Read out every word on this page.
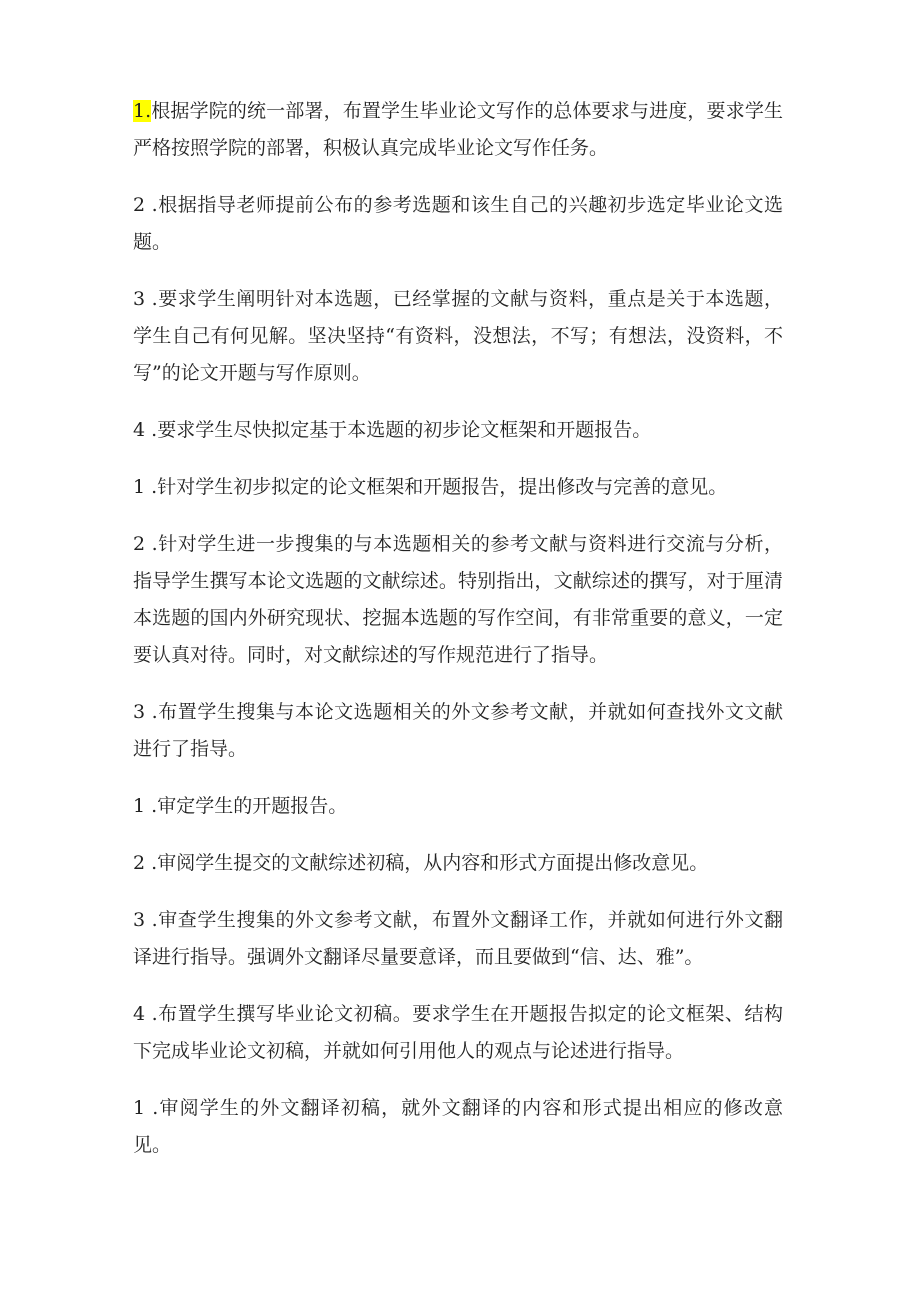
1.根据学院的统一部署，布置学生毕业论文写作的总体要求与进度，要求学生严格按照学院的部署，积极认真完成毕业论文写作任务。

2 .根据指导老师提前公布的参考选题和该生自己的兴趣初步选定毕业论文选题。

3 .要求学生阐明针对本选题，已经掌握的文献与资料，重点是关于本选题，学生自己有何见解。坚决坚持“有资料，没想法，不写；有想法，没资料，不写”的论文开题与写作原则。

4 .要求学生尽快拟定基于本选题的初步论文框架和开题报告。

1 .针对学生初步拟定的论文框架和开题报告，提出修改与完善的意见。

2 .针对学生进一步搜集的与本选题相关的参考文献与资料进行交流与分析，指导学生撰写本论文选题的文献综述。特别指出，文献综述的撰写，对于厘清本选题的国内外研究现状、挖掘本选题的写作空间，有非常重要的意义，一定要认真对待。同时，对文献综述的写作规范进行了指导。

3 .布置学生搜集与本论文选题相关的外文参考文献，并就如何查找外文文献进行了指导。

1 .审定学生的开题报告。

2 .审阅学生提交的文献综述初稿，从内容和形式方面提出修改意见。

3 .审查学生搜集的外文参考文献，布置外文翻译工作，并就如何进行外文翻译进行指导。强调外文翻译尽量要意译，而且要做到“信、达、雅”。

4 .布置学生撰写毕业论文初稿。要求学生在开题报告拟定的论文框架、结构下完成毕业论文初稿，并就如何引用他人的观点与论述进行指导。

1 .审阅学生的外文翻译初稿，就外文翻译的内容和形式提出相应的修改意见。
